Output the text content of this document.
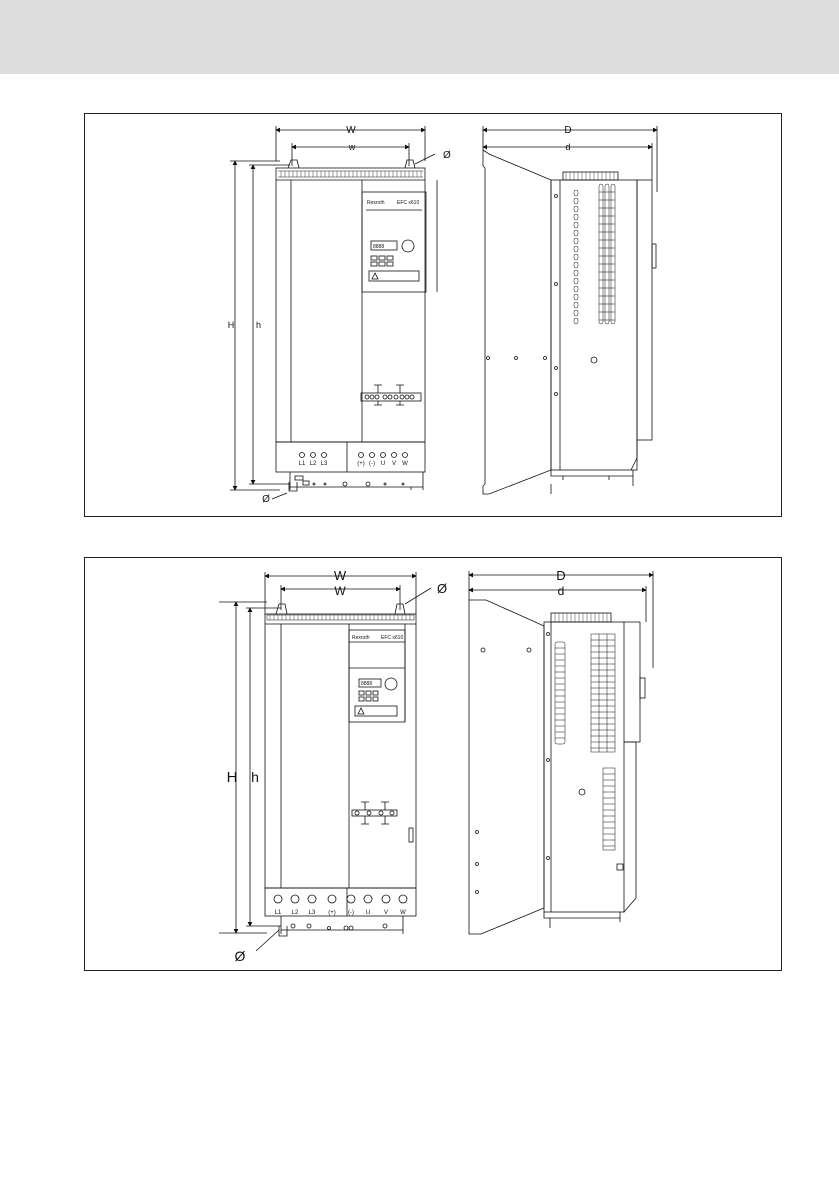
W
w
Ø
H h
Ø
D
d
Rexroth EFC x610
8888
L1 L2 L3	(+) (-) U V W
W
W	Ø
H h
Ø
D
d
Rexroth EFC x610
8888
L1 L2 L3 (+) (-) U V W
